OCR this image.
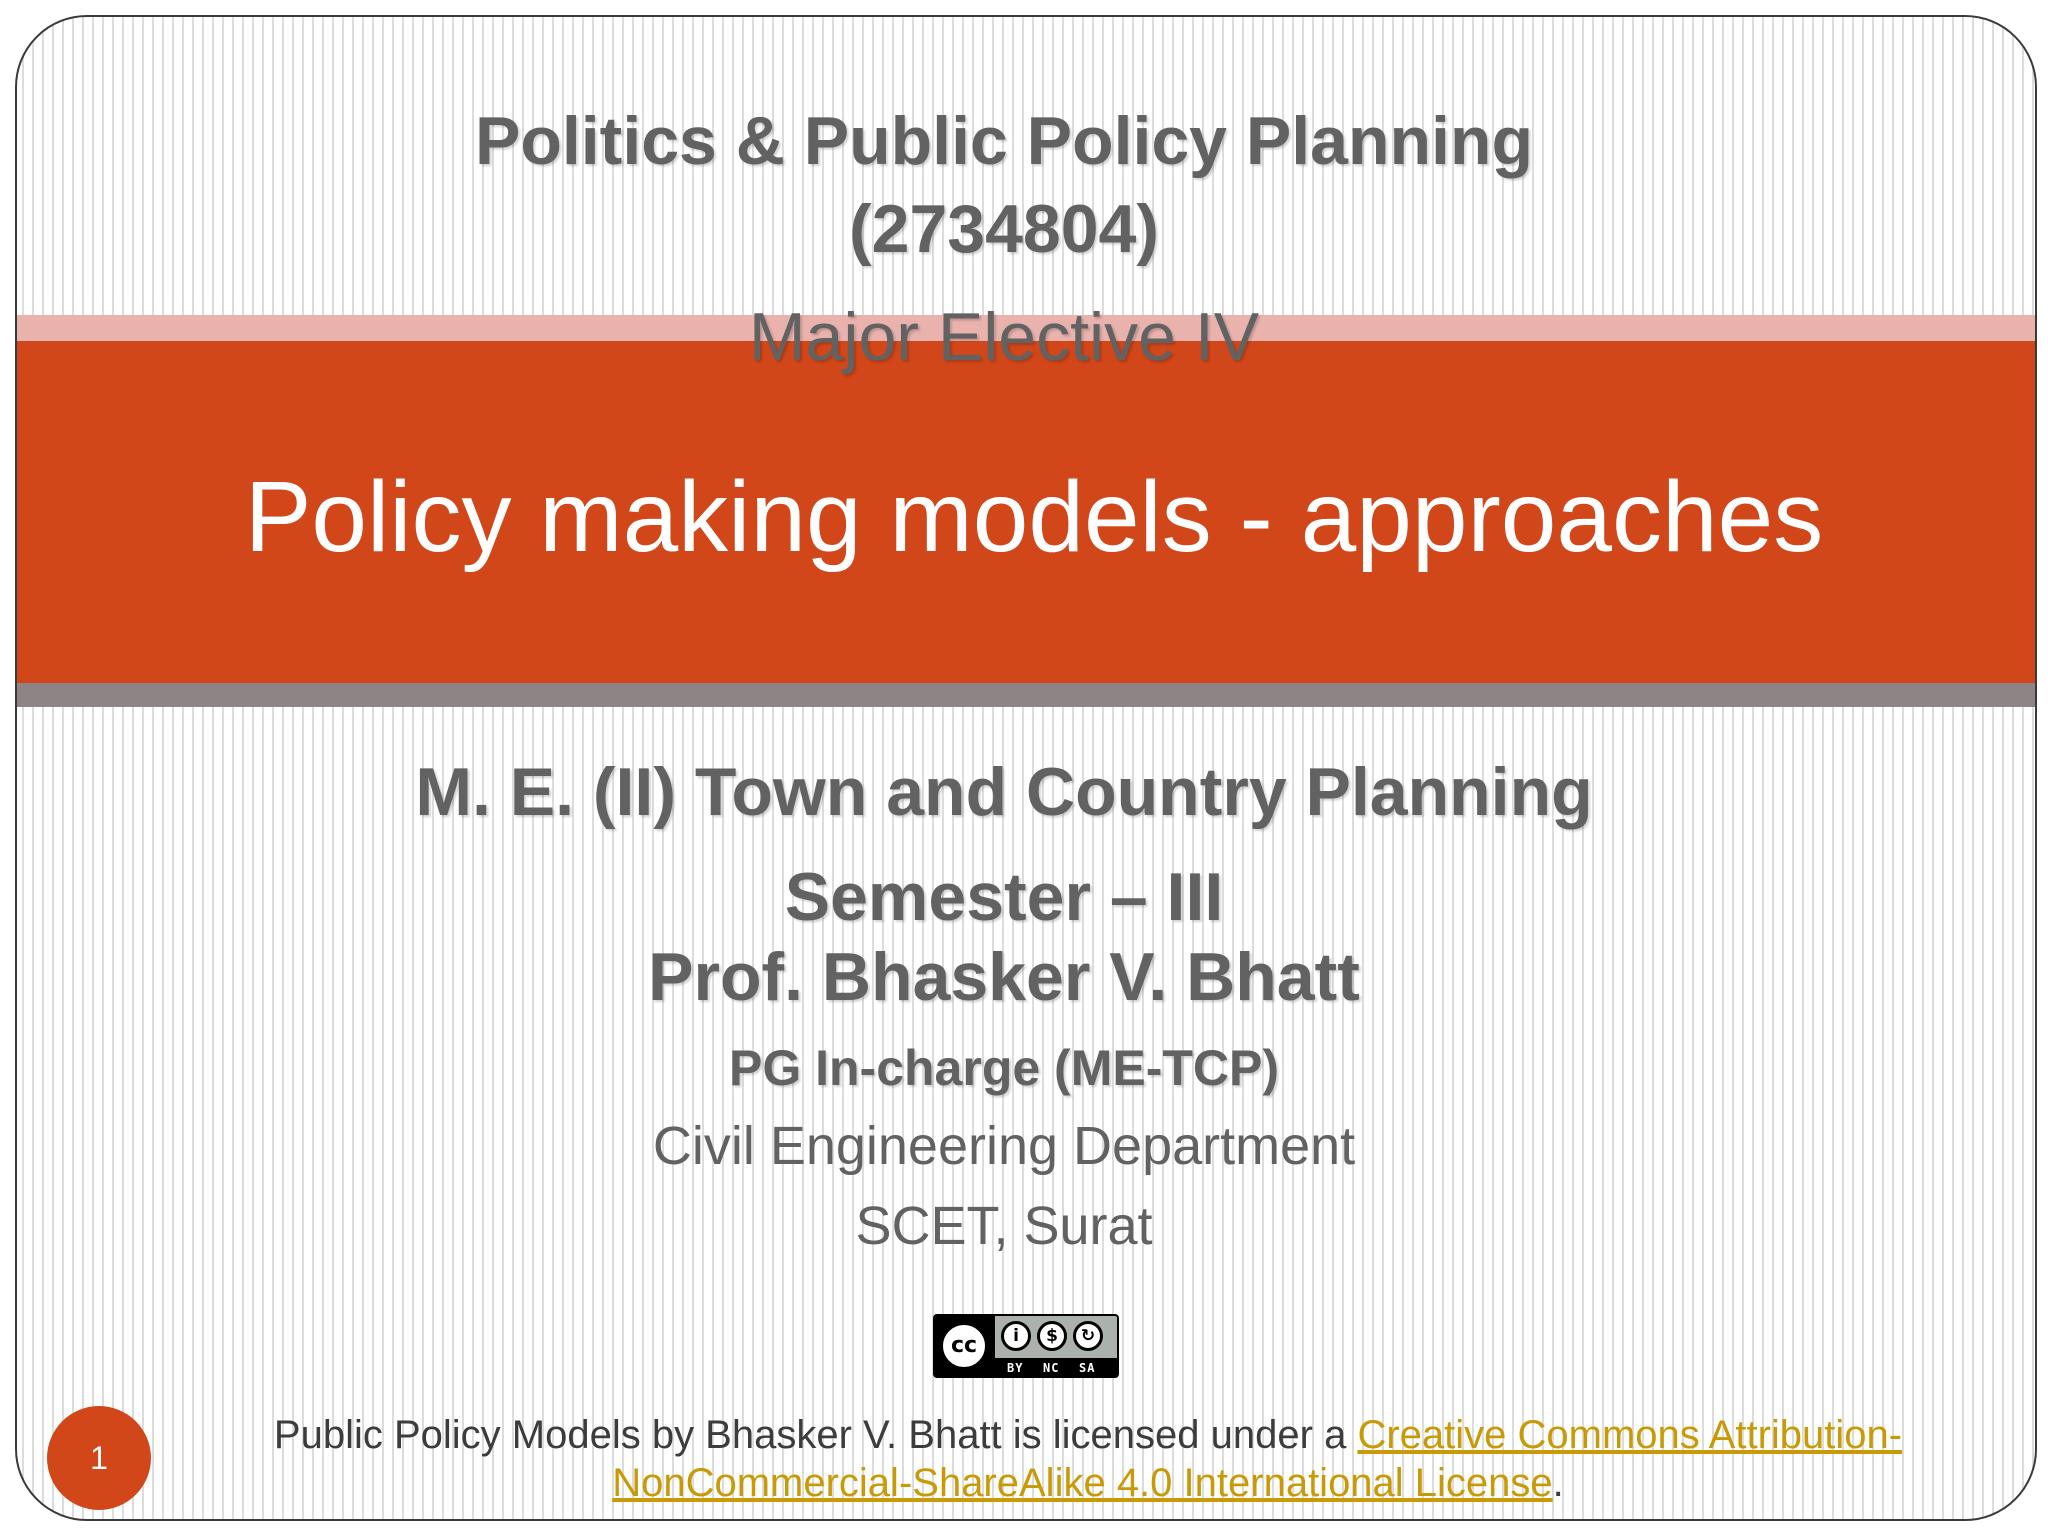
Politics & Public Policy Planning
(2734804)
Major Elective IV
Policy making models - approaches
M. E. (II) Town and Country Planning
Semester – III
Prof. Bhasker V. Bhatt
PG In-charge (ME-TCP)
Civil Engineering Department
SCET, Surat
cc	i	$	↻
BY NC SA
Public Policy Models by Bhasker V. Bhatt is licensed under a Creative Commons Attribution-
NonCommercial-ShareAlike 4.0 International License.
1
